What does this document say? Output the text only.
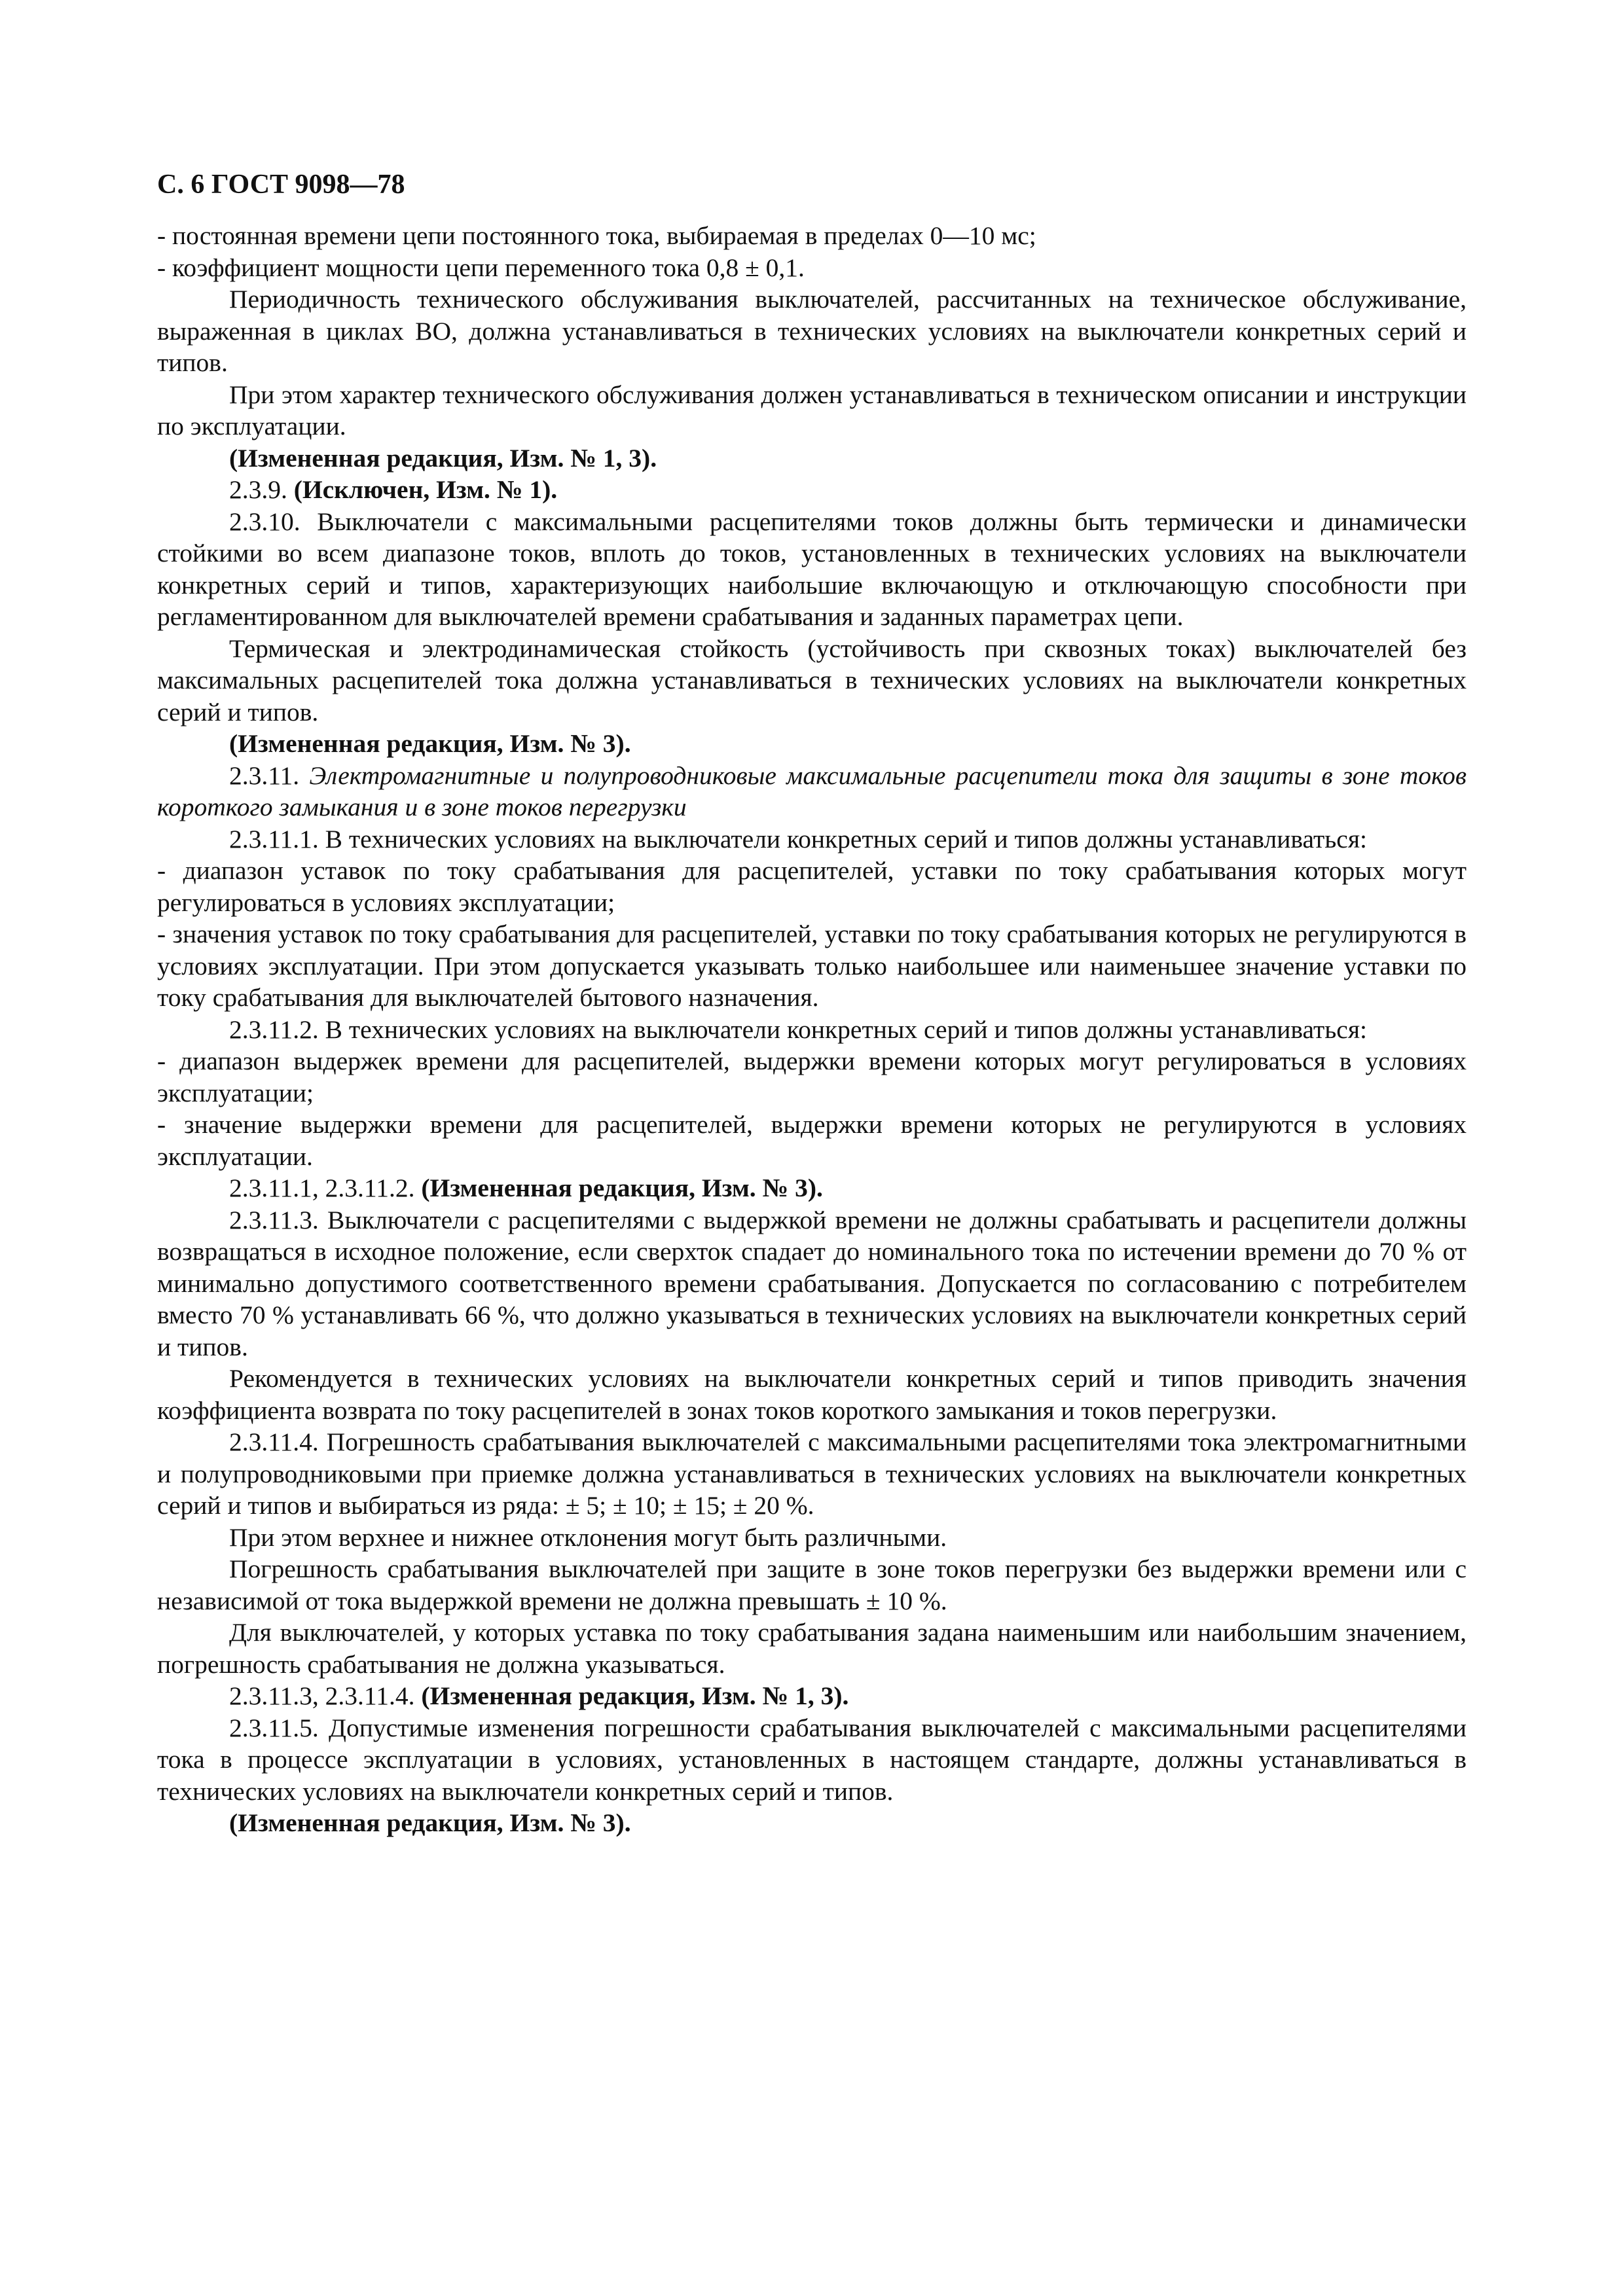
С. 6 ГОСТ 9098—78

- постоянная времени цепи постоянного тока, выбираемая в пределах 0—10 мс;

- коэффициент мощности цепи переменного тока 0,8 ± 0,1.

Периодичность технического обслуживания выключателей, рассчитанных на техническое обслуживание, выраженная в циклах ВО, должна устанавливаться в технических условиях на выключатели конкретных серий и типов.

При этом характер технического обслуживания должен устанавливаться в техническом описании и инструкции по эксплуатации.

(Измененная редакция, Изм. № 1, 3).

2.3.9. (Исключен, Изм. № 1).

2.3.10. Выключатели с максимальными расцепителями токов должны быть термически и динамически стойкими во всем диапазоне токов, вплоть до токов, установленных в технических условиях на выключатели конкретных серий и типов, характеризующих наибольшие включающую и отключающую способности при регламентированном для выключателей времени срабатывания и заданных параметрах цепи.

Термическая и электродинамическая стойкость (устойчивость при сквозных токах) выключателей без максимальных расцепителей тока должна устанавливаться в технических условиях на выключатели конкретных серий и типов.

(Измененная редакция, Изм. № 3).

2.3.11. Электромагнитные и полупроводниковые максимальные расцепители тока для защиты в зоне токов короткого замыкания и в зоне токов перегрузки

2.3.11.1. В технических условиях на выключатели конкретных серий и типов должны устанавливаться:

- диапазон уставок по току срабатывания для расцепителей, уставки по току срабатывания которых могут регулироваться в условиях эксплуатации;

- значения уставок по току срабатывания для расцепителей, уставки по току срабатывания которых не регулируются в условиях эксплуатации. При этом допускается указывать только наибольшее или наименьшее значение уставки по току срабатывания для выключателей бытового назначения.

2.3.11.2. В технических условиях на выключатели конкретных серий и типов должны устанавливаться:

- диапазон выдержек времени для расцепителей, выдержки времени которых могут регулироваться в условиях эксплуатации;

- значение выдержки времени для расцепителей, выдержки времени которых не регулируются в условиях эксплуатации.

2.3.11.1, 2.3.11.2. (Измененная редакция, Изм. № 3).

2.3.11.3. Выключатели с расцепителями с выдержкой времени не должны срабатывать и расцепители должны возвращаться в исходное положение, если сверхток спадает до номинального тока по истечении времени до 70 % от минимально допустимого соответственного времени срабатывания. Допускается по согласованию с потребителем вместо 70 % устанавливать 66 %, что должно указываться в технических условиях на выключатели конкретных серий и типов.

Рекомендуется в технических условиях на выключатели конкретных серий и типов приводить значения коэффициента возврата по току расцепителей в зонах токов короткого замыкания и токов перегрузки.

2.3.11.4. Погрешность срабатывания выключателей с максимальными расцепителями тока электромагнитными и полупроводниковыми при приемке должна устанавливаться в технических условиях на выключатели конкретных серий и типов и выбираться из ряда: ± 5; ± 10; ± 15; ± 20 %.

При этом верхнее и нижнее отклонения могут быть различными.

Погрешность срабатывания выключателей при защите в зоне токов перегрузки без выдержки времени или с независимой от тока выдержкой времени не должна превышать ± 10 %.

Для выключателей, у которых уставка по току срабатывания задана наименьшим или наибольшим значением, погрешность срабатывания не должна указываться.

2.3.11.3, 2.3.11.4. (Измененная редакция, Изм. № 1, 3).

2.3.11.5. Допустимые изменения погрешности срабатывания выключателей с максимальными расцепителями тока в процессе эксплуатации в условиях, установленных в настоящем стандарте, должны устанавливаться в технических условиях на выключатели конкретных серий и типов.

(Измененная редакция, Изм. № 3).
